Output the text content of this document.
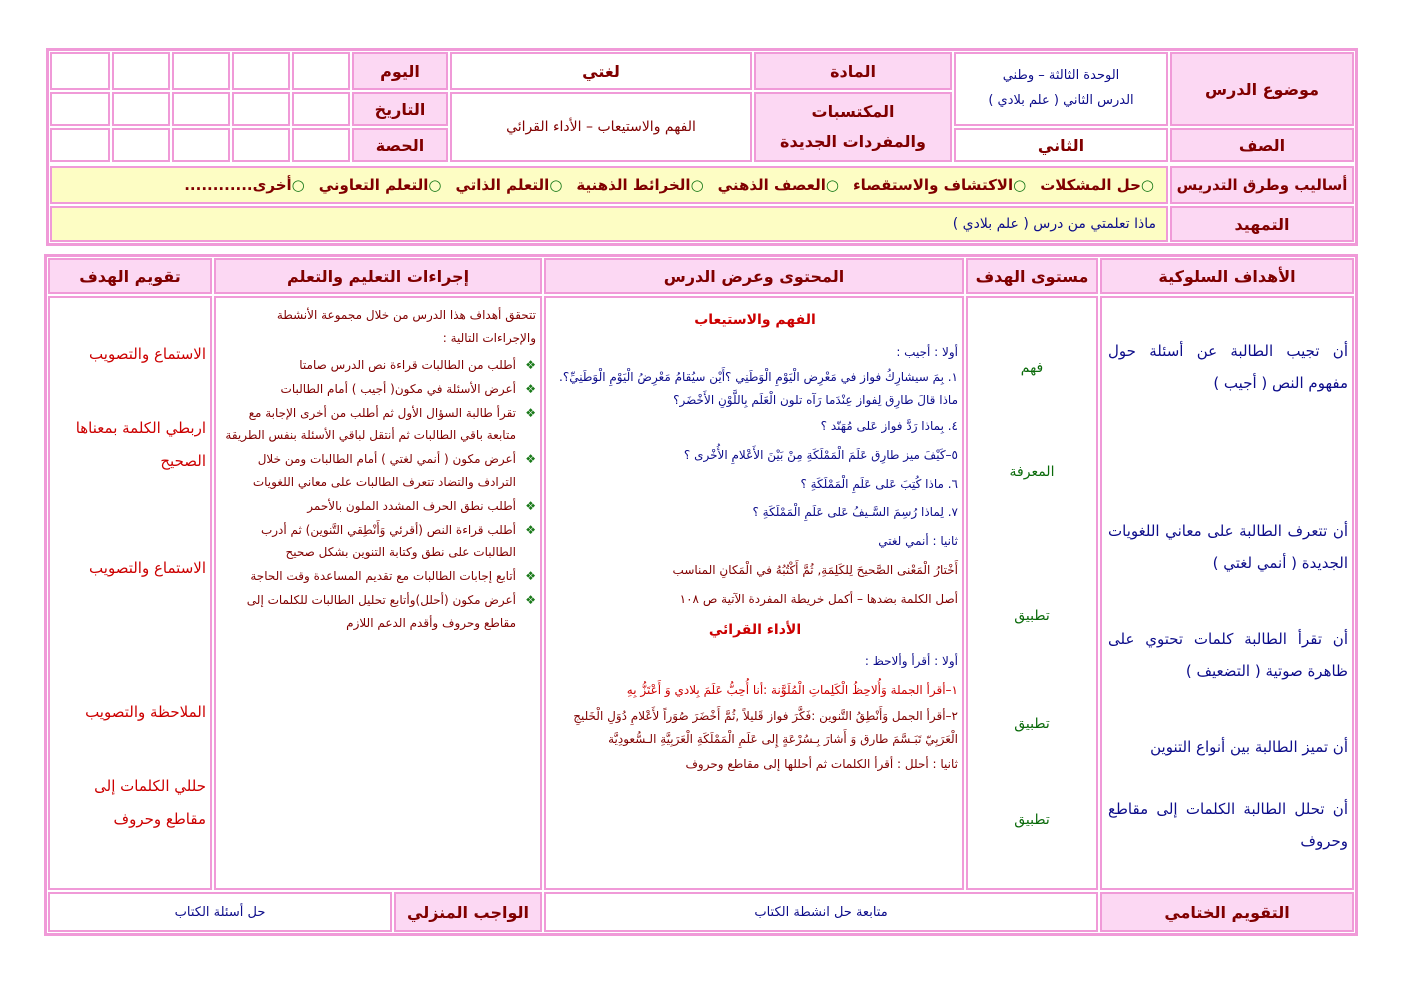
موضوع الدرس
الوحدة الثالثة – وطني
الدرس الثاني ( علم بلادي )
المادة
لغتي
اليوم
المكتسبات والمفردات الجديدة
الفهم والاستيعاب – الأداء القرائي
التاريخ
الصف
الثاني
الحصة
أساليب وطرق التدريس
○حل المشكلات
○الاكتشاف والاستقصاء
○العصف الذهني
○الخرائط الذهنية
○التعلم الذاتي
○التعلم التعاوني
○أخرى............
التمهيد
ماذا تعلمتي من درس ( علم بلادي )
الأهداف السلوكية
مستوى الهدف
المحتوى وعرض الدرس
إجراءات التعليم والتعلم
تقويم الهدف
أن تجيب الطالبة عن أسئلة حول مفهوم النص ( أجيب )
أن تتعرف الطالبة على معاني اللغويات الجديدة ( أنمي لغتي )
أن تقرأ الطالبة كلمات تحتوي على ظاهرة صوتية ( التضعيف )
أن تميز الطالبة بين أنواع التنوين
أن تحلل الطالبة الكلمات إلى مقاطع وحروف
فهم
المعرفة
تطبيق
تطبيق
تطبيق
الفهم والاستيعاب
أولا : أجيب :
١. بِمَ سيشارِكُ فواز في مَعْرِض الْيَوْمِ الْوَطَنِي ؟أَيْن سيُقامُ مَعْرِضُ الْيَوْمِ الْوَطَنِيِّ؟. ماذا قالَ طارِق لِفواز عِنْدَما رَآه تلون الْعَلَم بِاللَّوْنِ الأَخْضَر؟
٤. بِماذا رَدَّ فواز عَلى مُهَنّد ؟
٥–كَيْفَ ميز طارِق عَلَمَ الْمَمْلَكَةِ مِنْ بَيْنَ الأَعْلامِ الأُخْرى ؟
٦. ماذا كُتِبَ عَلى عَلَمِ الْمَمْلَكَةِ ؟
٧. لِماذا رُسِمَ السَّـيفُ عَلى عَلَمِ الْمَمْلَكَةِ ؟
ثانيا : أنمي لغتي
أَخْتارُ الْمَعْنى الصَّحيحَ لِلكَلِمَةِ, ثُمَّ أَكْتُبُهُ في الْمَكانِ المناسب
أصل الكلمة بضدها – أكمل خريطة المفردة الآتية ص ١٠٨
الأداء القرائي
أولا : أقرأ وألاحظ :
١–أقرأ الجملة وَأُلاحِظُ الْكَلِماتِ الْمُلَوَّنة :أنا أُحِبُّ عَلَمَ بِلادي وَ أَعْتَزُّ بِهِ
٢–أقرأ الجمل وَأَنْطِقُ التَّنوين :فَكَّرَ فواز قَليلاً ,ثُمَّ أَخْضَرَ صُوَراً لأَعْلامِ دُوَلِ الْخَليجِ الْعَرَبِيّ تَبَـسَّمَ طارق وَ أَشارَ بِـسُرْعَةٍ إِلى عَلَمِ الْمَمْلَكَةِ الْعَرَبِيَّةِ الـسُّعودِيَّة
ثانيا : أحلل : أقرأ الكلمات ثم أحللها إلى مقاطع وحروف
تتحقق أهداف هذا الدرس من خلال مجموعة الأنشطة والإجراءات التالية :
❖
أطلب من الطالبات قراءة نص الدرس صامتا
❖
أعرض الأسئلة في مكون( أجيب ) أمام الطالبات
❖
تقرأ طالبة السؤال الأول ثم أطلب من أخرى الإجابة مع متابعة باقي الطالبات ثم أنتقل لباقي الأسئلة بنفس الطريقة
❖
أعرض مكون ( أنمي لغتي ) أمام الطالبات ومن خلال الترادف والتضاد تتعرف الطالبات على معاني اللغويات
❖
أطلب نطق الحرف المشدد الملون بالأحمر
❖
أطلب قراءة النص (أقرئي وَأَنْطِقي التَّنوين) ثم أدرب الطالبات على نطق وكتابة التنوين بشكل صحيح
❖
أتابع إجابات الطالبات مع تقديم المساعدة وقت الحاجة
❖
أعرض مكون (أحلل)وأتابع تحليل الطالبات للكلمات إلى مقاطع وحروف وأقدم الدعم اللازم
الاستماع والتصويب
اربطي الكلمة بمعناها الصحيح
الاستماع والتصويب
الملاحظة والتصويب
حللي الكلمات إلى مقاطع وحروف
التقويم الختامي
متابعة حل انشطة الكتاب
الواجب المنزلي
حل أسئلة الكتاب
